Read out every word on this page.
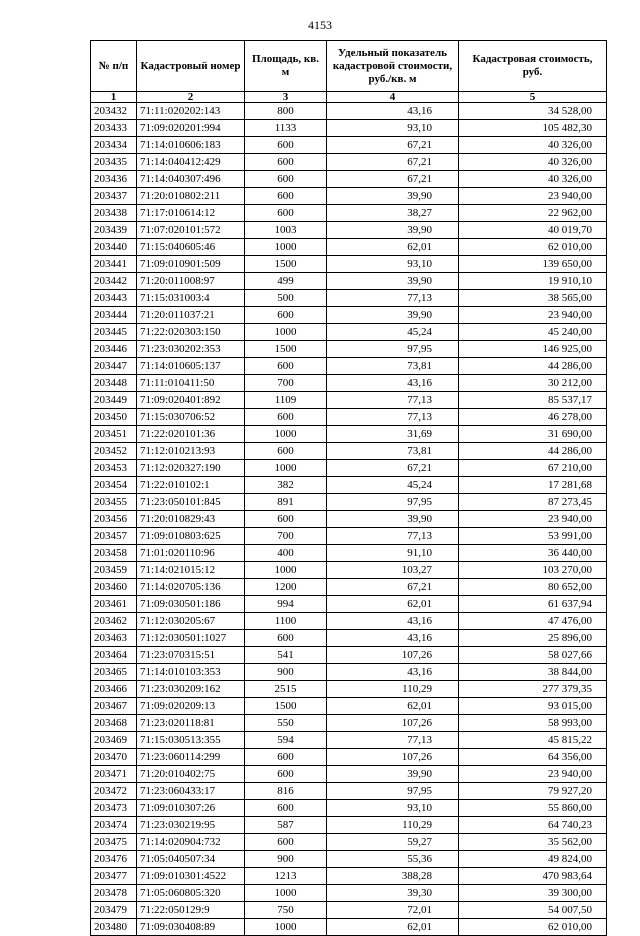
4153
№ п/п	Кадастровый номер	Площадь, кв. м	Удельный показатель кадастровой стоимости, руб./кв. м	Кадастровая стоимость, руб.
1	2	3	4	5
203432	71:11:020202:143	800	43,16	34 528,00
203433	71:09:020201:994	1133	93,10	105 482,30
203434	71:14:010606:183	600	67,21	40 326,00
203435	71:14:040412:429	600	67,21	40 326,00
203436	71:14:040307:496	600	67,21	40 326,00
203437	71:20:010802:211	600	39,90	23 940,00
203438	71:17:010614:12	600	38,27	22 962,00
203439	71:07:020101:572	1003	39,90	40 019,70
203440	71:15:040605:46	1000	62,01	62 010,00
203441	71:09:010901:509	1500	93,10	139 650,00
203442	71:20:011008:97	499	39,90	19 910,10
203443	71:15:031003:4	500	77,13	38 565,00
203444	71:20:011037:21	600	39,90	23 940,00
203445	71:22:020303:150	1000	45,24	45 240,00
203446	71:23:030202:353	1500	97,95	146 925,00
203447	71:14:010605:137	600	73,81	44 286,00
203448	71:11:010411:50	700	43,16	30 212,00
203449	71:09:020401:892	1109	77,13	85 537,17
203450	71:15:030706:52	600	77,13	46 278,00
203451	71:22:020101:36	1000	31,69	31 690,00
203452	71:12:010213:93	600	73,81	44 286,00
203453	71:12:020327:190	1000	67,21	67 210,00
203454	71:22:010102:1	382	45,24	17 281,68
203455	71:23:050101:845	891	97,95	87 273,45
203456	71:20:010829:43	600	39,90	23 940,00
203457	71:09:010803:625	700	77,13	53 991,00
203458	71:01:020110:96	400	91,10	36 440,00
203459	71:14:021015:12	1000	103,27	103 270,00
203460	71:14:020705:136	1200	67,21	80 652,00
203461	71:09:030501:186	994	62,01	61 637,94
203462	71:12:030205:67	1100	43,16	47 476,00
203463	71:12:030501:1027	600	43,16	25 896,00
203464	71:23:070315:51	541	107,26	58 027,66
203465	71:14:010103:353	900	43,16	38 844,00
203466	71:23:030209:162	2515	110,29	277 379,35
203467	71:09:020209:13	1500	62,01	93 015,00
203468	71:23:020118:81	550	107,26	58 993,00
203469	71:15:030513:355	594	77,13	45 815,22
203470	71:23:060114:299	600	107,26	64 356,00
203471	71:20:010402:75	600	39,90	23 940,00
203472	71:23:060433:17	816	97,95	79 927,20
203473	71:09:010307:26	600	93,10	55 860,00
203474	71:23:030219:95	587	110,29	64 740,23
203475	71:14:020904:732	600	59,27	35 562,00
203476	71:05:040507:34	900	55,36	49 824,00
203477	71:09:010301:4522	1213	388,28	470 983,64
203478	71:05:060805:320	1000	39,30	39 300,00
203479	71:22:050129:9	750	72,01	54 007,50
203480	71:09:030408:89	1000	62,01	62 010,00
